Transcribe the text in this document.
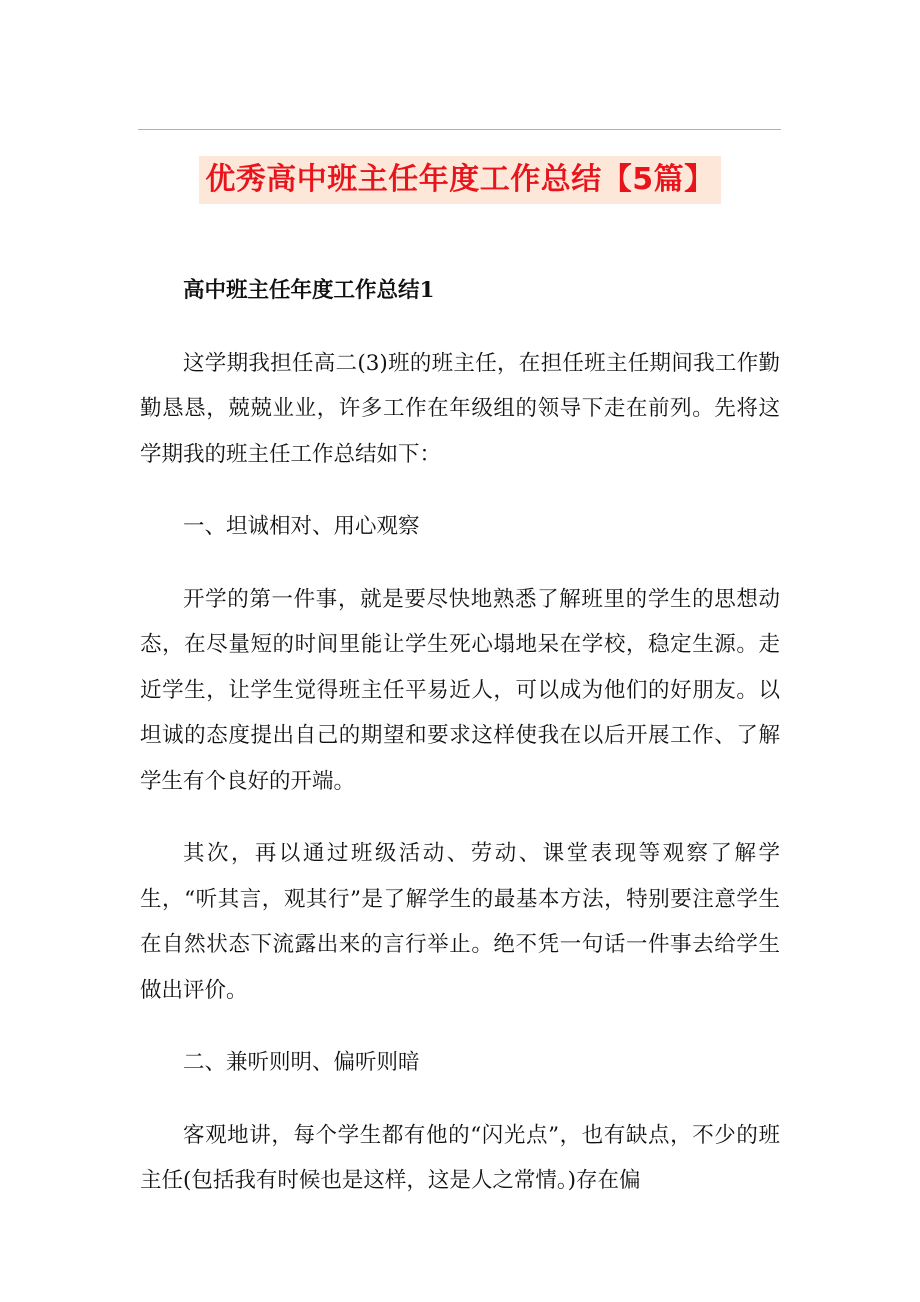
优秀高中班主任年度工作总结【5篇】

高中班主任年度工作总结1

这学期我担任高二(3)班的班主任，在担任班主任期间我工作勤勤恳恳，兢兢业业，许多工作在年级组的领导下走在前列。先将这学期我的班主任工作总结如下：

一、坦诚相对、用心观察

开学的第一件事，就是要尽快地熟悉了解班里的学生的思想动态，在尽量短的时间里能让学生死心塌地呆在学校，稳定生源。走近学生，让学生觉得班主任平易近人，可以成为他们的好朋友。以坦诚的态度提出自己的期望和要求这样使我在以后开展工作、了解学生有个良好的开端。

其次，再以通过班级活动、劳动、课堂表现等观察了解学生，“听其言，观其行”是了解学生的最基本方法，特别要注意学生在自然状态下流露出来的言行举止。绝不凭一句话一件事去给学生做出评价。

二、兼听则明、偏听则暗

客观地讲，每个学生都有他的“闪光点”，也有缺点，不少的班主任(包括我有时候也是这样，这是人之常情。)存在偏
